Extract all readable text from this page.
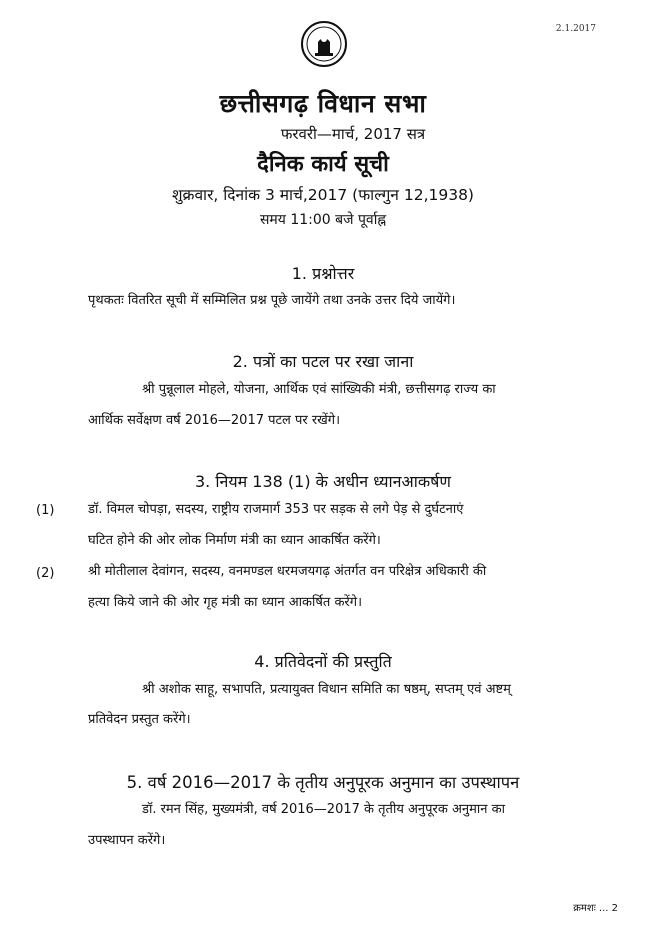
2.1.2017
छत्तीसगढ़ विधान सभा
फरवरी—मार्च, 2017 सत्र
दैनिक कार्य सूची
शुक्रवार, दिनांक 3 मार्च,2017 (फाल्गुन 12,1938)
समय 11:00 बजे पूर्वाह्न
1. प्रश्नोत्तर
पृथकतः वितरित सूची में सम्मिलित प्रश्न पूछे जायेंगे तथा उनके उत्तर दिये जायेंगे।
2. पत्रों का पटल पर रखा जाना
श्री पुन्नूलाल मोहले, योजना, आर्थिक एवं सांख्यिकी मंत्री, छत्तीसगढ़ राज्य का
आर्थिक सर्वेक्षण वर्ष 2016—2017 पटल पर रखेंगे।
3. नियम 138 (1) के अधीन ध्यानआकर्षण
(1)	डॉ. विमल चोपड़ा, सदस्य, राष्ट्रीय राजमार्ग 353 पर सड़क से लगे पेड़ से दुर्घटनाएं
घटित होने की ओर लोक निर्माण मंत्री का ध्यान आकर्षित करेंगे।
(2)	श्री मोतीलाल देवांगन, सदस्य, वनमण्डल धरमजयगढ़ अंतर्गत वन परिक्षेत्र अधिकारी की
हत्या किये जाने की ओर गृह मंत्री का ध्यान आकर्षित करेंगे।
4. प्रतिवेदनों की प्रस्तुति
श्री अशोक साहू, सभापति, प्रत्यायुक्त विधान समिति का षष्ठम्, सप्तम् एवं अष्टम्
प्रतिवेदन प्रस्तुत करेंगे।
5. वर्ष 2016—2017 के तृतीय अनुपूरक अनुमान का उपस्थापन
डॉ. रमन सिंह, मुख्यमंत्री, वर्ष 2016—2017 के तृतीय अनुपूरक अनुमान का
उपस्थापन करेंगे।
क्रमशः ... 2
